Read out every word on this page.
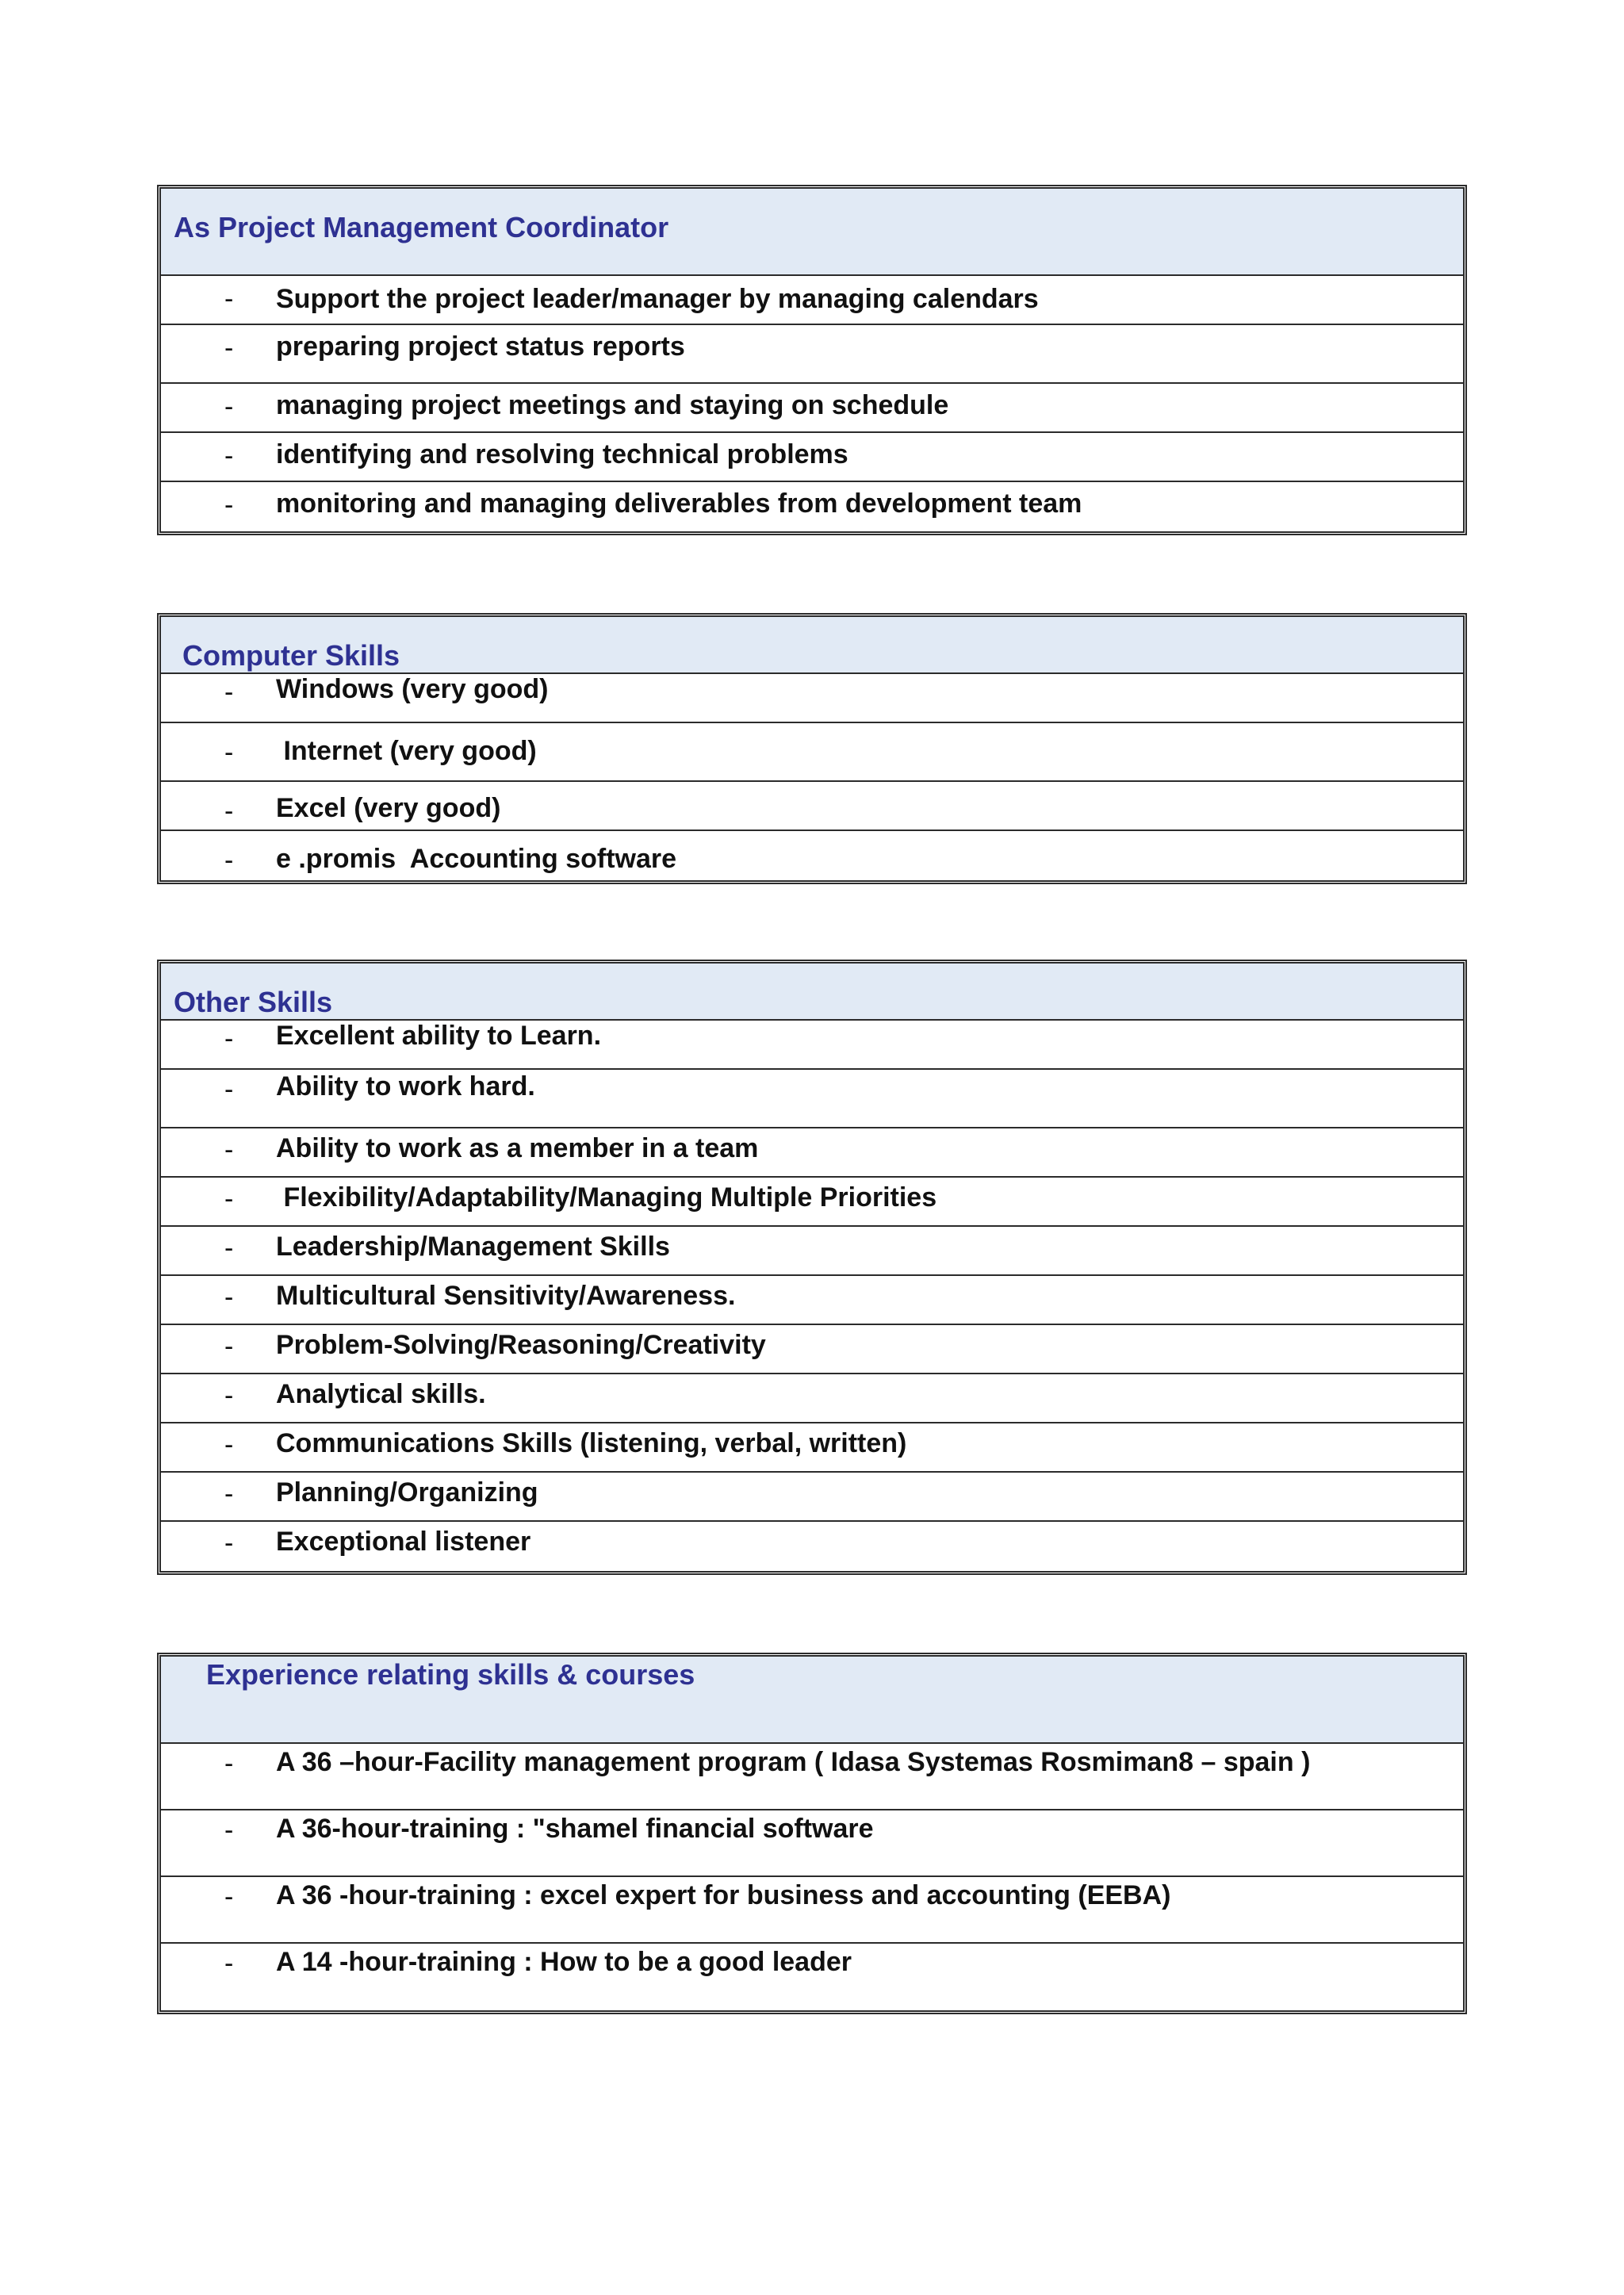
As Project Management Coordinator
- Support the project leader/manager by managing calendars
- preparing project status reports
- managing project meetings and staying on schedule
- identifying and resolving technical problems
- monitoring and managing deliverables from development team
Computer Skills
- Windows (very good)
- Internet (very good)
- Excel (very good)
- e .promis  Accounting software
Other Skills
- Excellent ability to Learn.
- Ability to work hard.
- Ability to work as a member in a team
- Flexibility/Adaptability/Managing Multiple Priorities
- Leadership/Management Skills
- Multicultural Sensitivity/Awareness.
- Problem-Solving/Reasoning/Creativity
- Analytical skills.
- Communications Skills (listening, verbal, written)
- Planning/Organizing
- Exceptional listener
Experience relating skills & courses
- A 36 –hour-Facility management program ( Idasa Systemas Rosmiman8 – spain )
- A 36-hour-training : "shamel financial software
- A 36 -hour-training : excel expert for business and accounting (EEBA)
- A 14 -hour-training : How to be a good leader
